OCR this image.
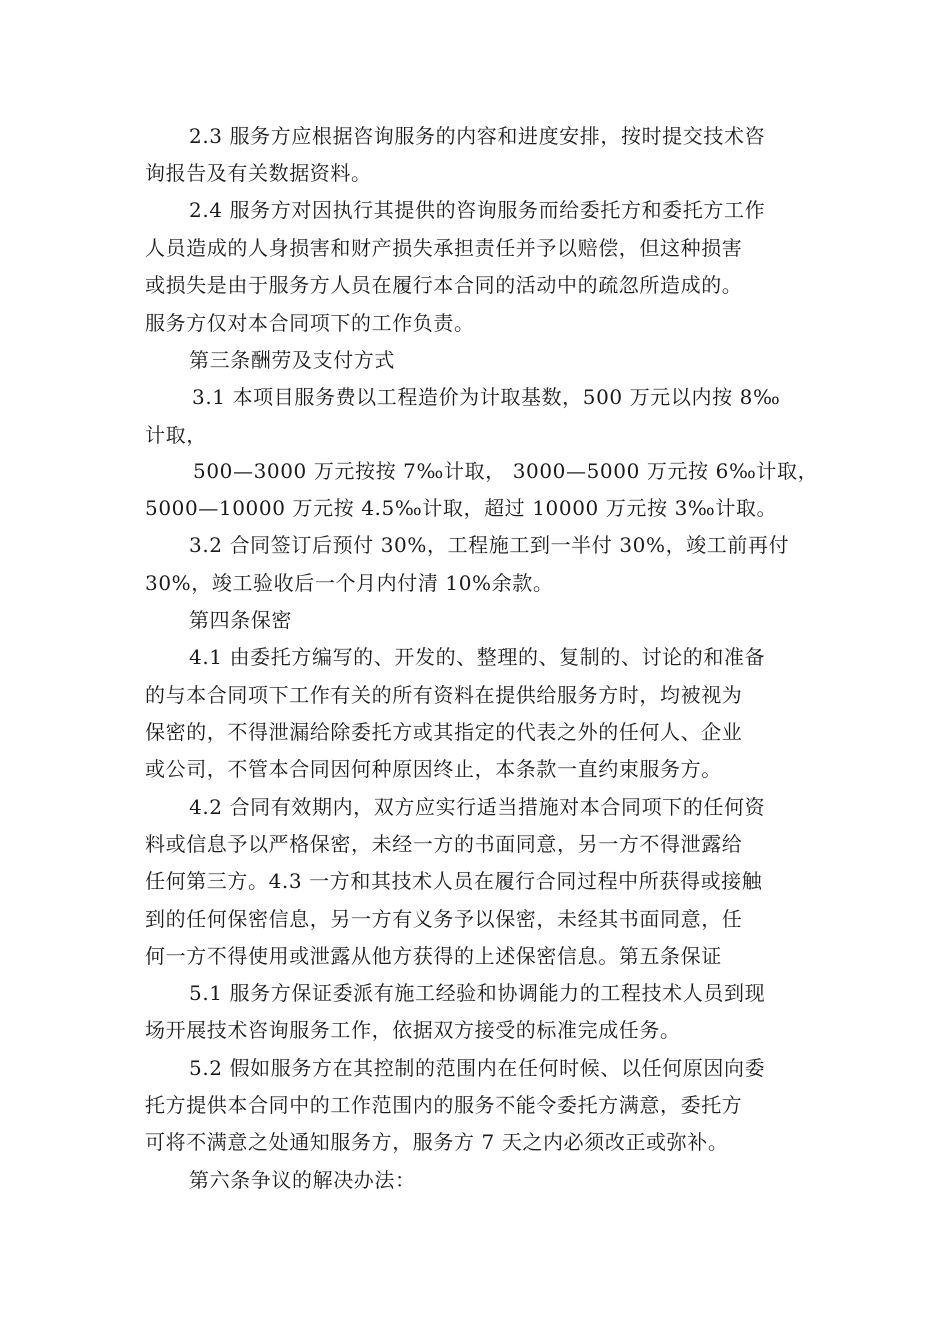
2.3 服务方应根据咨询服务的内容和进度安排，按时提交技术咨
询报告及有关数据资料。
2.4 服务方对因执行其提供的咨询服务而给委托方和委托方工作
人员造成的人身损害和财产损失承担责任并予以赔偿，但这种损害
或损失是由于服务方人员在履行本合同的活动中的疏忽所造成的。
服务方仅对本合同项下的工作负责。
第三条酬劳及支付方式
3.1 本项目服务费以工程造价为计取基数，500 万元以内按 8‰
计取，
500—3000 万元按按 7‰计取， 3000—5000 万元按 6‰计取，
5000—10000 万元按 4.5‰计取，超过 10000 万元按 3‰计取。
3.2 合同签订后预付 30%，工程施工到一半付 30%，竣工前再付
30%，竣工验收后一个月内付清 10%余款。
第四条保密
4.1 由委托方编写的、开发的、整理的、复制的、讨论的和准备
的与本合同项下工作有关的所有资料在提供给服务方时，均被视为
保密的，不得泄漏给除委托方或其指定的代表之外的任何人、企业
或公司，不管本合同因何种原因终止，本条款一直约束服务方。
4.2 合同有效期内，双方应实行适当措施对本合同项下的任何资
料或信息予以严格保密，未经一方的书面同意，另一方不得泄露给
任何第三方。4.3 一方和其技术人员在履行合同过程中所获得或接触
到的任何保密信息，另一方有义务予以保密，未经其书面同意，任
何一方不得使用或泄露从他方获得的上述保密信息。第五条保证
5.1 服务方保证委派有施工经验和协调能力的工程技术人员到现
场开展技术咨询服务工作，依据双方接受的标准完成任务。
5.2 假如服务方在其控制的范围内在任何时候、以任何原因向委
托方提供本合同中的工作范围内的服务不能令委托方满意，委托方
可将不满意之处通知服务方，服务方 7 天之内必须改正或弥补。
第六条争议的解决办法：
